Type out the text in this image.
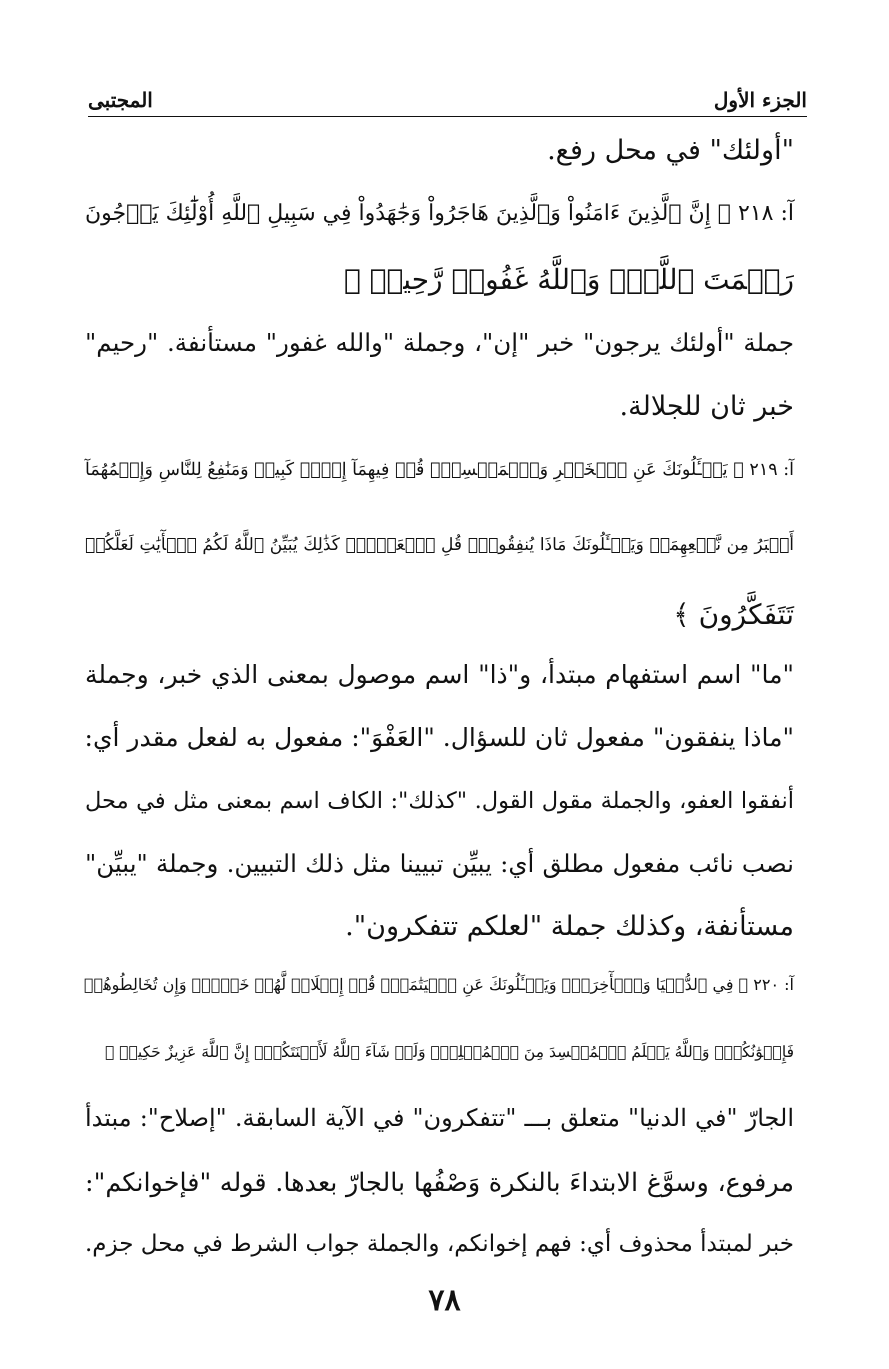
الجزء الأول
المجتبى
"أولئك" في محل رفع.
آ: ٢١٨ ﴿ إِنَّ ٱلَّذِينَ ءَامَنُواْ وَٱلَّذِينَ هَاجَرُواْ وَجَٰهَدُواْ فِي سَبِيلِ ٱللَّهِ أُوْلَٰٓئِكَ يَرۡجُونَ
رَحۡمَتَ ٱللَّهِۚ وَٱللَّهُ غَفُورٞ رَّحِيمٞ ﴾
جملة "أولئك يرجون" خبر "إن"، وجملة "والله غفور" مستأنفة. "رحيم"
خبر ثان للجلالة.
آ: ٢١٩ ﴿ يَسۡـَٔلُونَكَ عَنِ ٱلۡخَمۡرِ وَٱلۡمَيۡسِرِۖ قُلۡ فِيهِمَآ إِثۡمٞ كَبِيرٞ وَمَنَٰفِعُ لِلنَّاسِ وَإِثۡمُهُمَآ
أَكۡبَرُ مِن نَّفۡعِهِمَاۗ وَيَسۡـَٔلُونَكَ مَاذَا يُنفِقُونَۖ قُلِ ٱلۡعَفۡوَۗ كَذَٰلِكَ يُبَيِّنُ ٱللَّهُ لَكُمُ ٱلۡأٓيَٰتِ لَعَلَّكُمۡ
تَتَفَكَّرُونَ ﴾
"ما" اسم استفهام مبتدأ، و"ذا" اسم موصول بمعنى الذي خبر، وجملة
"ماذا ينفقون" مفعول ثان للسؤال. "العَفْوَ": مفعول به لفعل مقدر أي:
أنفقوا العفو، والجملة مقول القول. "كذلك": الكاف اسم بمعنى مثل في محل
نصب نائب مفعول مطلق أي: يبيِّن تبيينا مثل ذلك التبيين. وجملة "يبيِّن"
مستأنفة، وكذلك جملة "لعلكم تتفكرون".
آ: ٢٢٠ ﴿ فِي ٱلدُّنۡيَا وَٱلۡأٓخِرَةِۗ وَيَسۡـَٔلُونَكَ عَنِ ٱلۡيَتَٰمَىٰۖ قُلۡ إِصۡلَاحٞ لَّهُمۡ خَيۡرٞۖ وَإِن تُخَالِطُوهُمۡ
فَإِخۡوَٰنُكُمۡۚ وَٱللَّهُ يَعۡلَمُ ٱلۡمُفۡسِدَ مِنَ ٱلۡمُصۡلِحِۚ وَلَوۡ شَآءَ ٱللَّهُ لَأَعۡنَتَكُمۡۚ إِنَّ ٱللَّهَ عَزِيزٌ حَكِيمٞ ﴾
الجارّ "في الدنيا" متعلق بـــ "تتفكرون" في الآية السابقة. "إصلاح": مبتدأ
مرفوع، وسوَّغ الابتداءَ بالنكرة وَصْفُها بالجارّ بعدها. قوله "فإخوانكم":
خبر لمبتدأ محذوف أي: فهم إخوانكم، والجملة جواب الشرط في محل جزم.
٧٨
